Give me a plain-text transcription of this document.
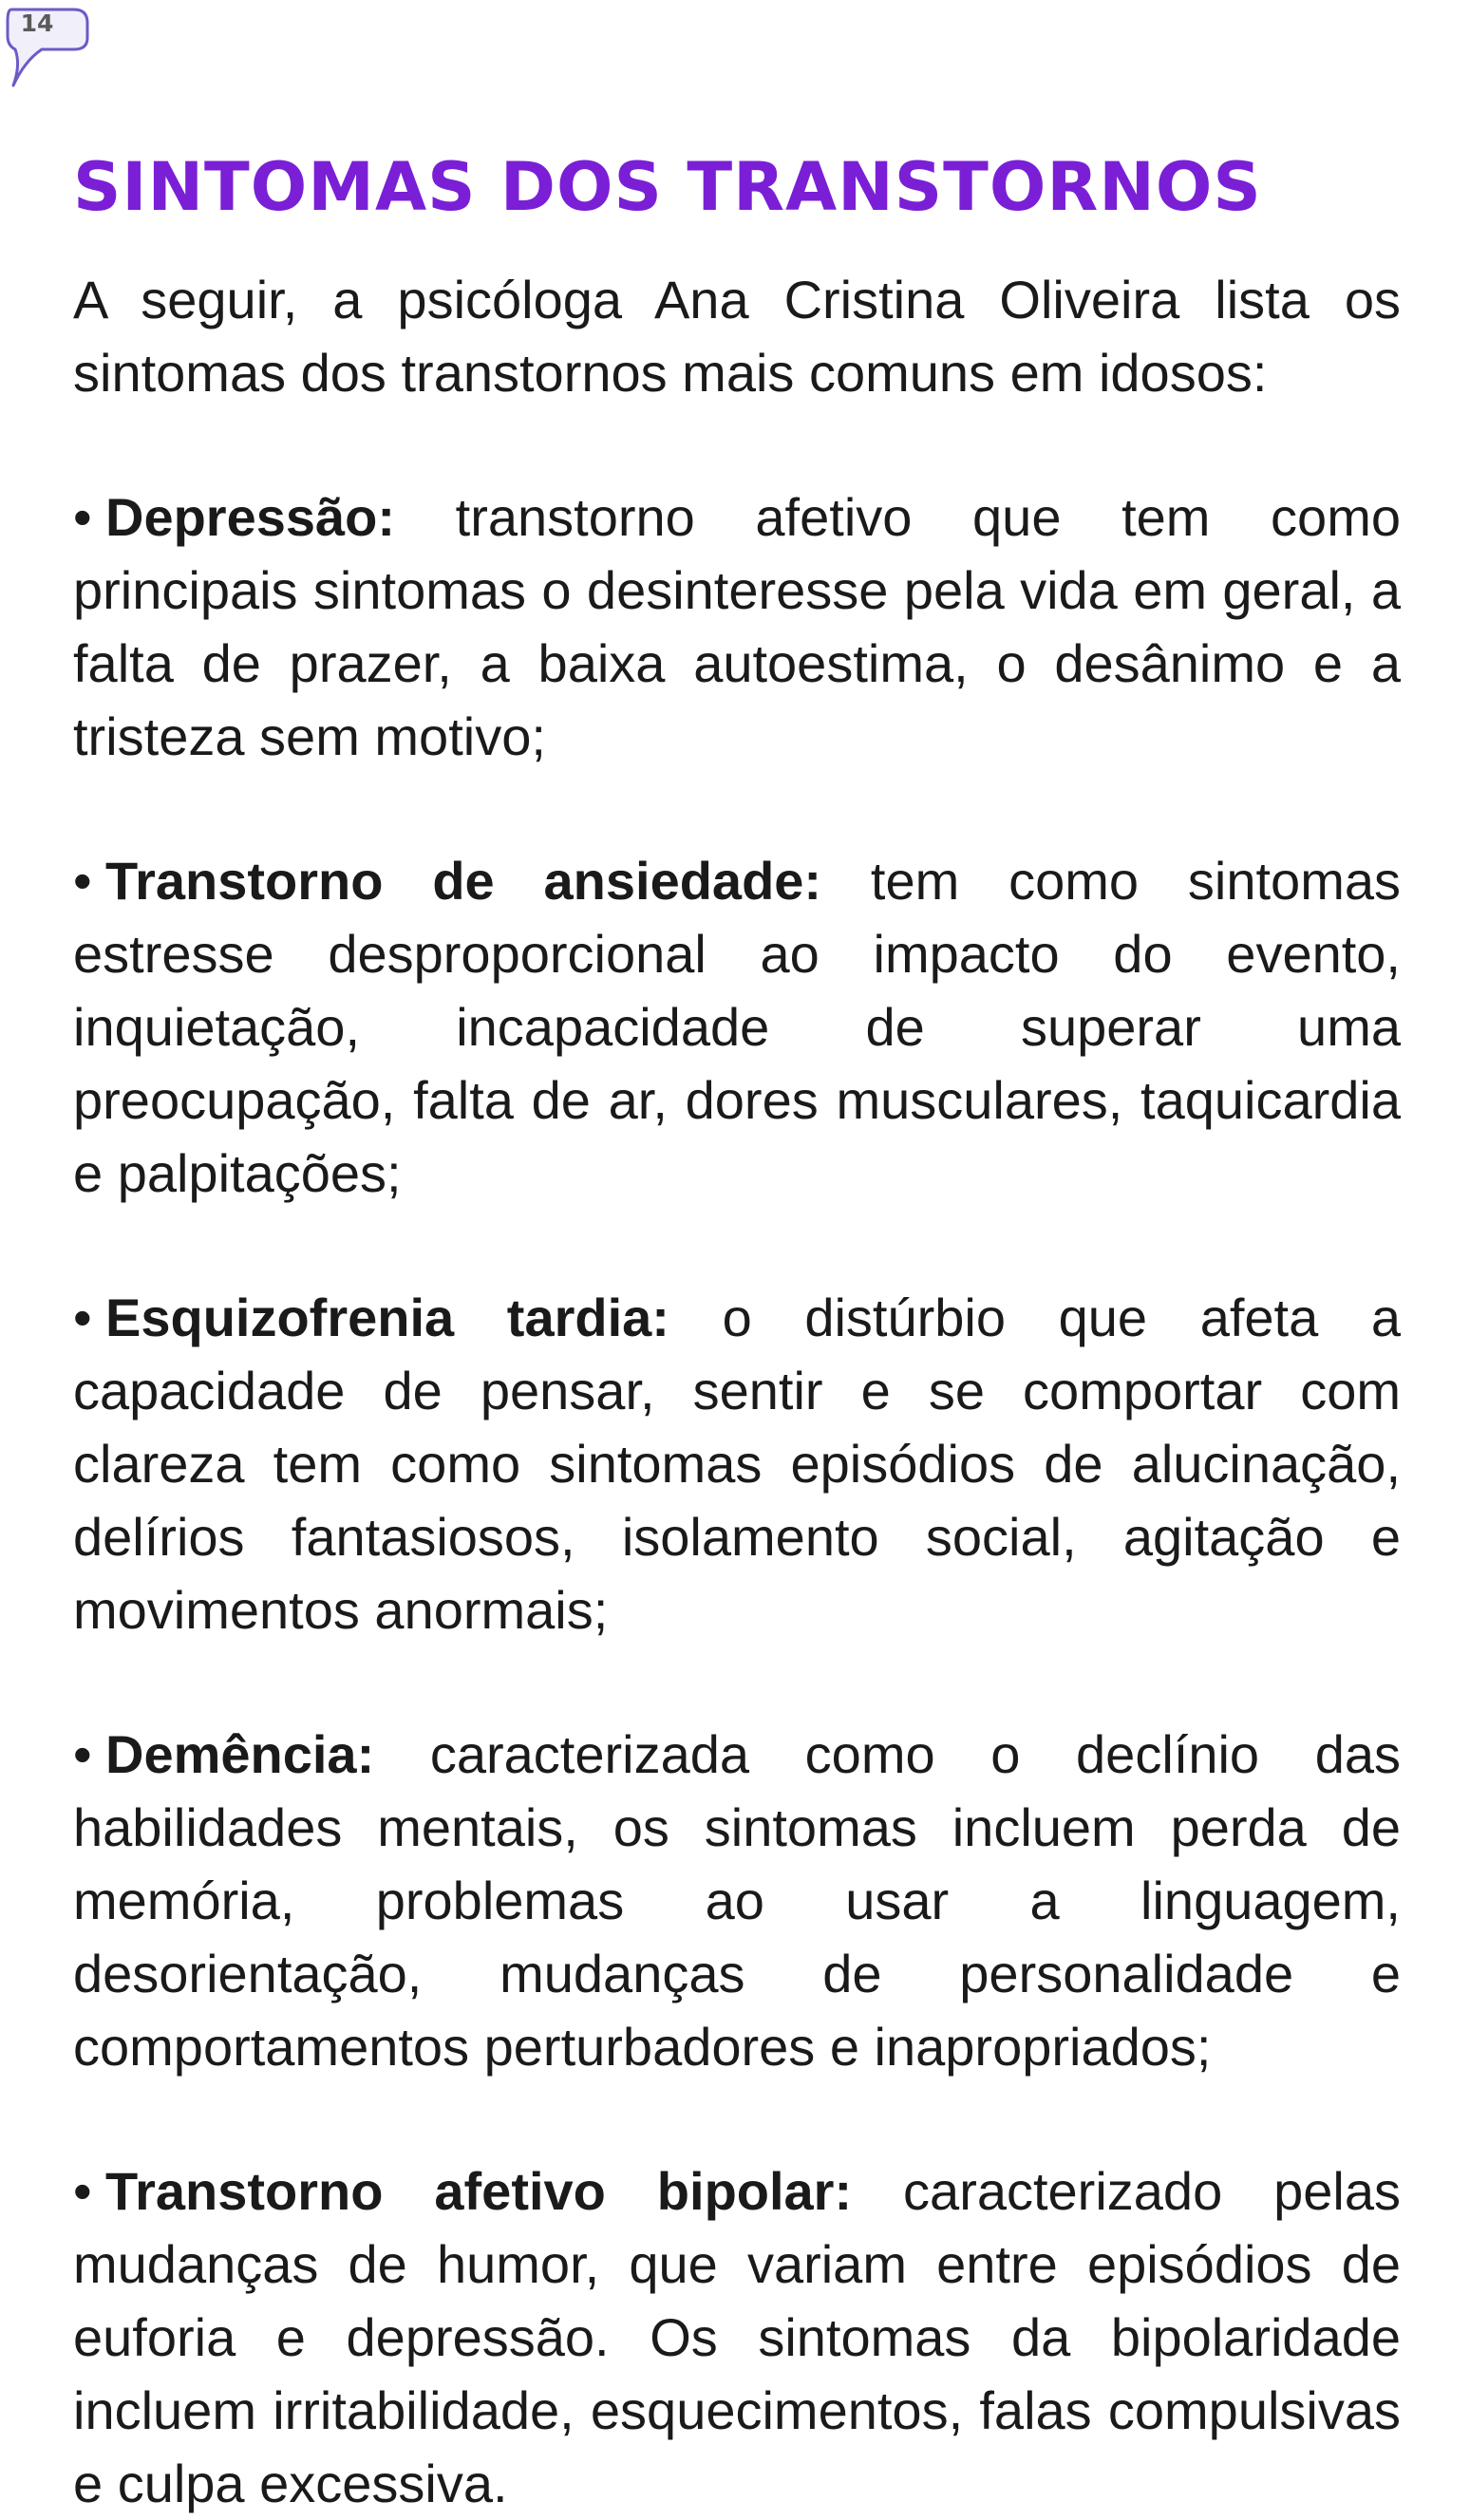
14
SINTOMAS DOS TRANSTORNOS

A seguir, a psicóloga Ana Cristina Oliveira lista os sintomas dos transtornos mais comuns em idosos:

• Depressão: transtorno afetivo que tem como principais sintomas o desinteresse pela vida em geral, a falta de prazer, a baixa autoestima, o desânimo e a tristeza sem motivo;

• Transtorno de ansiedade: tem como sintomas estresse desproporcional ao impacto do evento, inquietação, incapacidade de superar uma preocupação, falta de ar, dores musculares, taquicardia e palpitações;

• Esquizofrenia tardia: o distúrbio que afeta a capacidade de pensar, sentir e se comportar com clareza tem como sintomas episódios de alucinação, delírios fantasiosos, isolamento social, agitação e movimentos anormais;

• Demência: caracterizada como o declínio das habilidades mentais, os sintomas incluem perda de memória, problemas ao usar a linguagem, desorientação, mudanças de personalidade e comportamentos perturbadores e inapropriados;

• Transtorno afetivo bipolar: caracterizado pelas mudanças de humor, que variam entre episódios de euforia e depressão. Os sintomas da bipolaridade incluem irritabilidade, esquecimentos, falas compulsivas e culpa excessiva.
